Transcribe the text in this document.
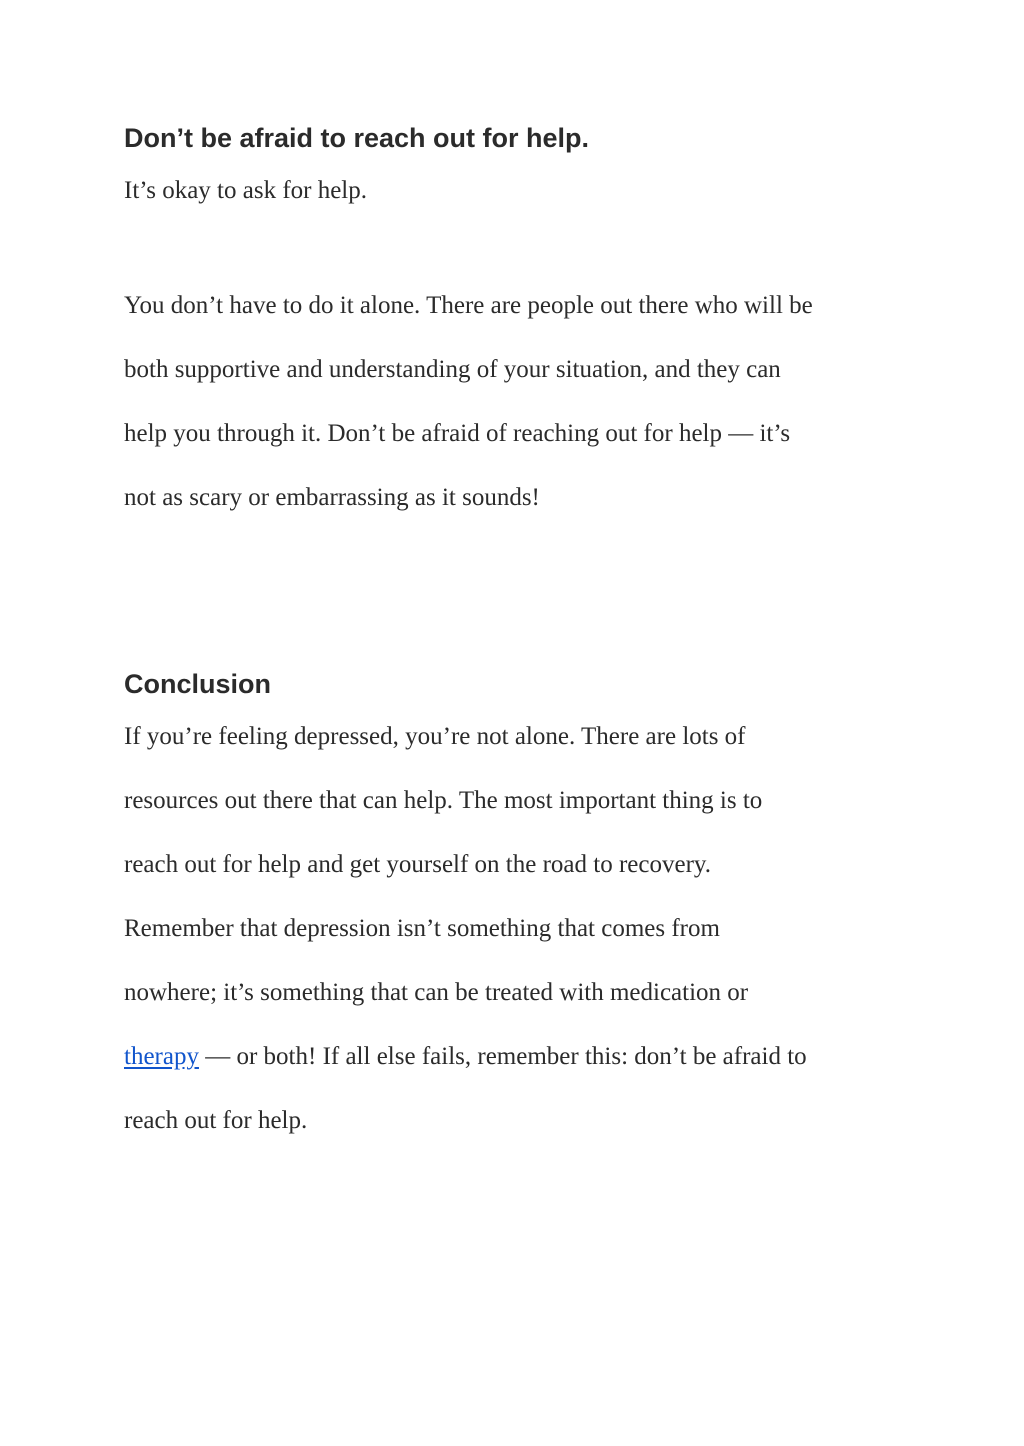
Don’t be afraid to reach out for help.

It’s okay to ask for help.

You don’t have to do it alone. There are people out there who will be

both supportive and understanding of your situation, and they can

help you through it. Don’t be afraid of reaching out for help — it’s

not as scary or embarrassing as it sounds!

Conclusion

If you’re feeling depressed, you’re not alone. There are lots of

resources out there that can help. The most important thing is to

reach out for help and get yourself on the road to recovery.

Remember that depression isn’t something that comes from

nowhere; it’s something that can be treated with medication or

therapy — or both! If all else fails, remember this: don’t be afraid to

reach out for help.
